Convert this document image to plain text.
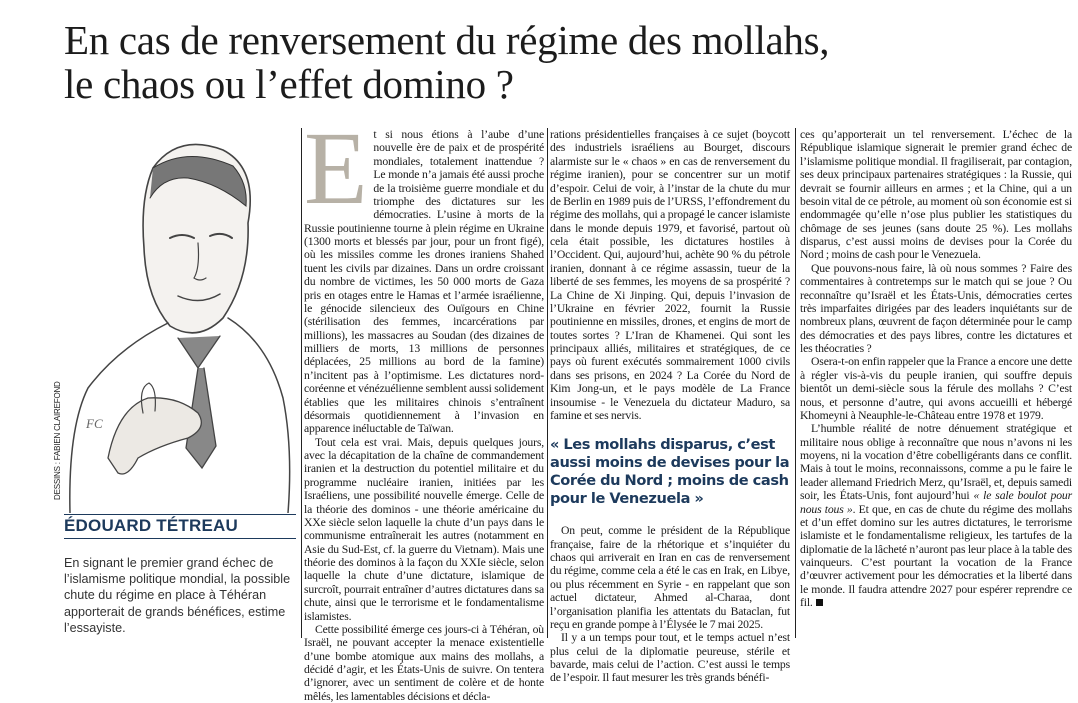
En cas de renversement du régime des mollahs,
le chaos ou l’effet domino ?
FC
DESSINS : FABIEN CLAIREFOND
ÉDOUARD TÉTREAU
En signant le premier grand échec de l’islamisme politique mondial, la possible chute du régime en place à Téhéran apporterait de grands bénéfices, estime l’essayiste.

Et si nous étions à l’aube d’une nouvelle ère de paix et de prospérité mondiales, totalement inattendue ? Le monde n’a jamais été aussi proche de la troisième guerre mondiale et du triomphe des dictatures sur les démocraties. L’usine à morts de la Russie poutinienne tourne à plein régime en Ukraine (1300 morts et blessés par jour, pour un front figé), où les missiles comme les drones iraniens Shahed tuent les civils par dizaines. Dans un ordre croissant du nombre de victimes, les 50 000 morts de Gaza pris en otages entre le Hamas et l’armée israélienne, le génocide silencieux des Ouïgours en Chine (stérilisation des femmes, incarcérations par millions), les massacres au Soudan (des dizaines de milliers de morts, 13 millions de personnes déplacées, 25 millions au bord de la famine) n’incitent pas à l’optimisme. Les dictatures nord-coréenne et vénézuélienne semblent aussi solidement établies que les militaires chinois s’entraînent désormais quotidiennement à l’invasion en apparence inéluctable de Taïwan.

Tout cela est vrai. Mais, depuis quelques jours, avec la décapitation de la chaîne de commandement iranien et la destruction du potentiel militaire et du programme nucléaire iranien, initiées par les Israéliens, une possibilité nouvelle émerge. Celle de la théorie des dominos - une théorie américaine du XXe siècle selon laquelle la chute d’un pays dans le communisme entraînerait les autres (notamment en Asie du Sud-Est, cf. la guerre du Vietnam). Mais une théorie des dominos à la façon du XXIe siècle, selon laquelle la chute d’une dictature, islamique de surcroît, pourrait entraîner d’autres dictatures dans sa chute, ainsi que le terrorisme et le fondamentalisme islamistes.

Cette possibilité émerge ces jours-ci à Téhéran, où Israël, ne pouvant accepter la menace existentielle d’une bombe atomique aux mains des mollahs, a décidé d’agir, et les États-Unis de suivre. On tentera d’ignorer, avec un sentiment de colère et de honte mêlés, les lamentables décisions et décla-

rations présidentielles françaises à ce sujet (boycott des industriels israéliens au Bourget, discours alarmiste sur le « chaos » en cas de renversement du régime iranien), pour se concentrer sur un motif d’espoir. Celui de voir, à l’instar de la chute du mur de Berlin en 1989 puis de l’URSS, l’effondrement du régime des mollahs, qui a propagé le cancer islamiste dans le monde depuis 1979, et favorisé, partout où cela était possible, les dictatures hostiles à l’Occident. Qui, aujourd’hui, achète 90 % du pétrole iranien, donnant à ce régime assassin, tueur de la liberté de ses femmes, les moyens de sa prospérité ? La Chine de Xi Jinping. Qui, depuis l’invasion de l’Ukraine en février 2022, fournit la Russie poutinienne en missiles, drones, et engins de mort de toutes sortes ? L’Iran de Khamenei. Qui sont les principaux alliés, militaires et stratégiques, de ce pays où furent exécutés sommairement 1000 civils dans ses prisons, en 2024 ? La Corée du Nord de Kim Jong-un, et le pays modèle de La France insoumise - le Venezuela du dictateur Maduro, sa famine et ses nervis.

« Les mollahs disparus, c’est aussi moins de devises pour la Corée du Nord ; moins de cash pour le Venezuela »

On peut, comme le président de la République française, faire de la rhétorique et s’inquiéter du chaos qui arriverait en Iran en cas de renversement du régime, comme cela a été le cas en Irak, en Libye, ou plus récemment en Syrie - en rappelant que son actuel dictateur, Ahmed al-Charaa, dont l’organisation planifia les attentats du Bataclan, fut reçu en grande pompe à l’Élysée le 7 mai 2025.

Il y a un temps pour tout, et le temps actuel n’est plus celui de la diplomatie peureuse, stérile et bavarde, mais celui de l’action. C’est aussi le temps de l’espoir. Il faut mesurer les très grands bénéfi-

ces qu’apporterait un tel renversement. L’échec de la République islamique signerait le premier grand échec de l’islamisme politique mondial. Il fragiliserait, par contagion, ses deux principaux partenaires stratégiques : la Russie, qui devrait se fournir ailleurs en armes ; et la Chine, qui a un besoin vital de ce pétrole, au moment où son économie est si endommagée qu’elle n’ose plus publier les statistiques du chômage de ses jeunes (sans doute 25 %). Les mollahs disparus, c’est aussi moins de devises pour la Corée du Nord ; moins de cash pour le Venezuela.

Que pouvons-nous faire, là où nous sommes ? Faire des commentaires à contretemps sur le match qui se joue ? Ou reconnaître qu’Israël et les États-Unis, démocraties certes très imparfaites dirigées par des leaders inquiétants sur de nombreux plans, œuvrent de façon déterminée pour le camp des démocraties et des pays libres, contre les dictatures et les théocraties ?

Osera-t-on enfin rappeler que la France a encore une dette à régler vis-à-vis du peuple iranien, qui souffre depuis bientôt un demi-siècle sous la férule des mollahs ? C’est nous, et personne d’autre, qui avons accueilli et hébergé Khomeyni à Neauphle-le-Château entre 1978 et 1979.

L’humble réalité de notre dénuement stratégique et militaire nous oblige à reconnaître que nous n’avons ni les moyens, ni la vocation d’être cobelligérants dans ce conflit. Mais à tout le moins, reconnaissons, comme a pu le faire le leader allemand Friedrich Merz, qu’Israël, et, depuis samedi soir, les États-Unis, font aujourd’hui « le sale boulot pour nous tous ». Et que, en cas de chute du régime des mollahs et d’un effet domino sur les autres dictatures, le terrorisme islamiste et le fondamentalisme religieux, les tartufes de la diplomatie de la lâcheté n’auront pas leur place à la table des vainqueurs. C’est pourtant la vocation de la France d’œuvrer activement pour les démocraties et la liberté dans le monde. Il faudra attendre 2027 pour espérer reprendre ce fil.
